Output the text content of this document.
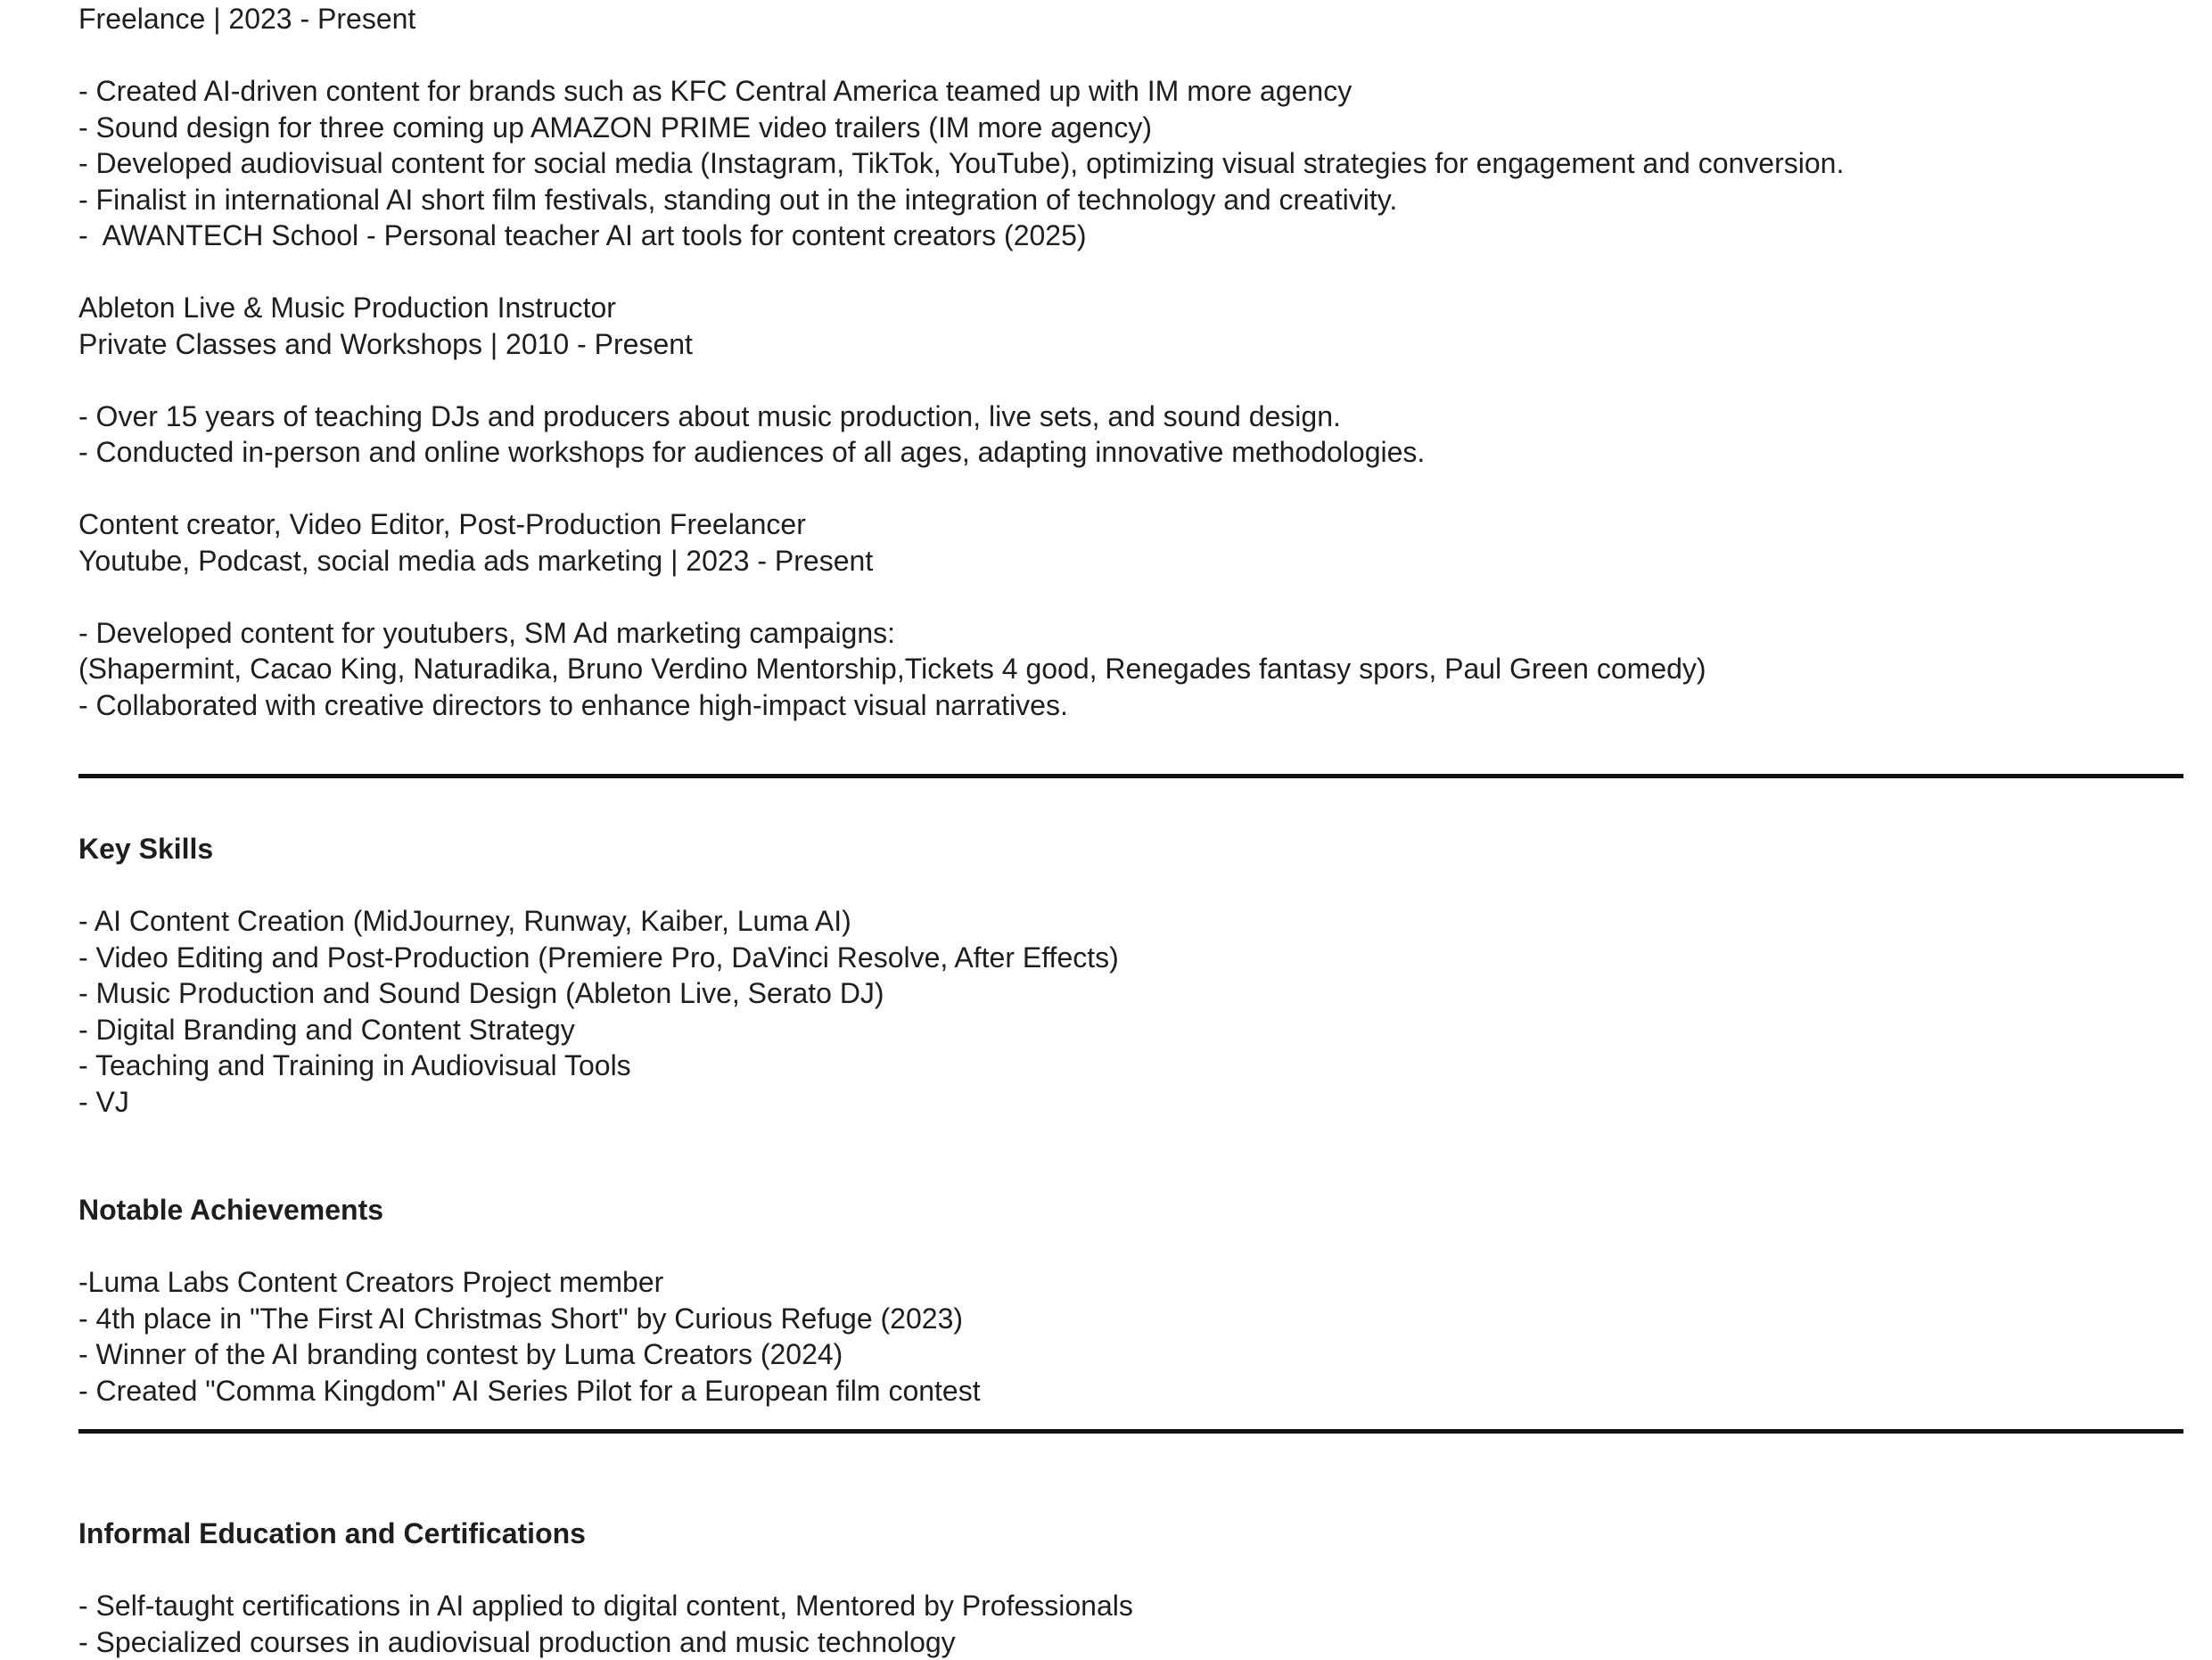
Freelance | 2023 - Present
- Created AI-driven content for brands such as KFC Central America teamed up with IM more agency
- Sound design for three coming up AMAZON PRIME video trailers (IM more agency)
- Developed audiovisual content for social media (Instagram, TikTok, YouTube), optimizing visual strategies for engagement and conversion.
- Finalist in international AI short film festivals, standing out in the integration of technology and creativity.
-  AWANTECH School - Personal teacher AI art tools for content creators (2025)
Ableton Live & Music Production Instructor
Private Classes and Workshops | 2010 - Present
- Over 15 years of teaching DJs and producers about music production, live sets, and sound design.
- Conducted in-person and online workshops for audiences of all ages, adapting innovative methodologies.
Content creator, Video Editor, Post-Production Freelancer
Youtube, Podcast, social media ads marketing | 2023 - Present
- Developed content for youtubers, SM Ad marketing campaigns:
(Shapermint, Cacao King, Naturadika, Bruno Verdino Mentorship,Tickets 4 good, Renegades fantasy spors, Paul Green comedy)
- Collaborated with creative directors to enhance high-impact visual narratives.
Key Skills
- AI Content Creation (MidJourney, Runway, Kaiber, Luma AI)
- Video Editing and Post-Production (Premiere Pro, DaVinci Resolve, After Effects)
- Music Production and Sound Design (Ableton Live, Serato DJ)
- Digital Branding and Content Strategy
- Teaching and Training in Audiovisual Tools
- VJ
Notable Achievements
-Luma Labs Content Creators Project member
- 4th place in "The First AI Christmas Short" by Curious Refuge (2023)
- Winner of the AI branding contest by Luma Creators (2024)
- Created "Comma Kingdom" AI Series Pilot for a European film contest
Informal Education and Certifications
- Self-taught certifications in AI applied to digital content, Mentored by Professionals
- Specialized courses in audiovisual production and music technology
